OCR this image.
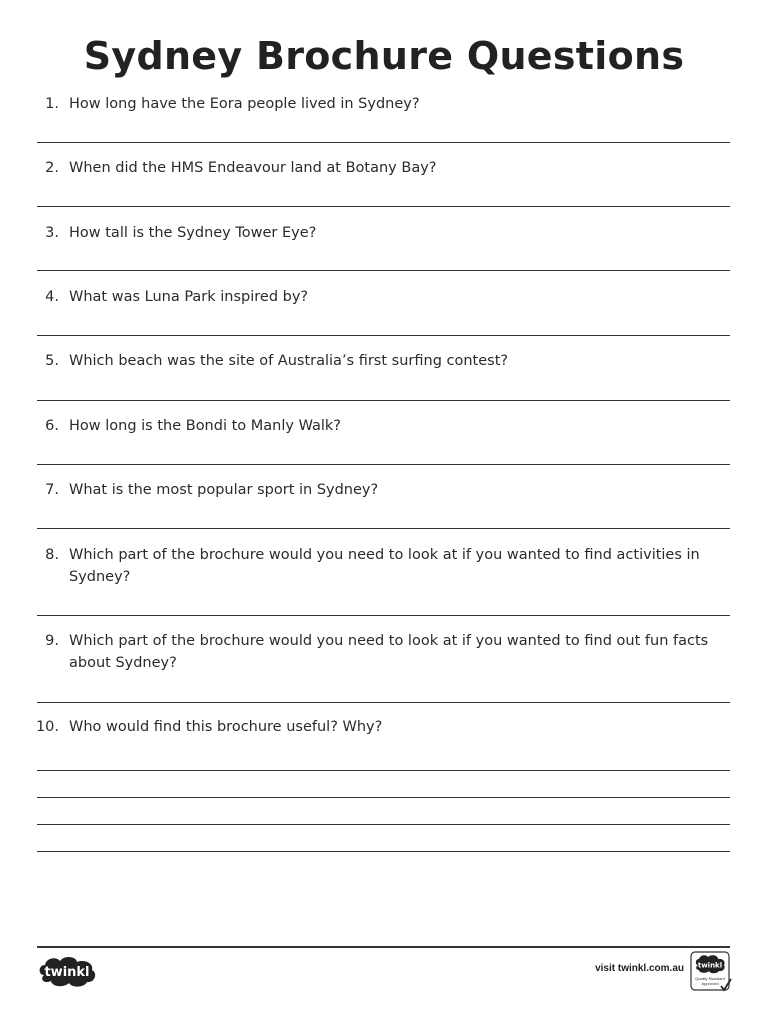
Sydney Brochure Questions
1. How long have the Eora people lived in Sydney?
2. When did the HMS Endeavour land at Botany Bay?
3. How tall is the Sydney Tower Eye?
4. What was Luna Park inspired by?
5. Which beach was the site of Australia’s first surfing contest?
6. How long is the Bondi to Manly Walk?
7. What is the most popular sport in Sydney?
8. Which part of the brochure would you need to look at if you wanted to find activities in Sydney?
9. Which part of the brochure would you need to look at if you wanted to find out fun facts about Sydney?
10. Who would find this brochure useful? Why?
twinkl	visit twinkl.com.au twinkl
Quality Standard
Approved
